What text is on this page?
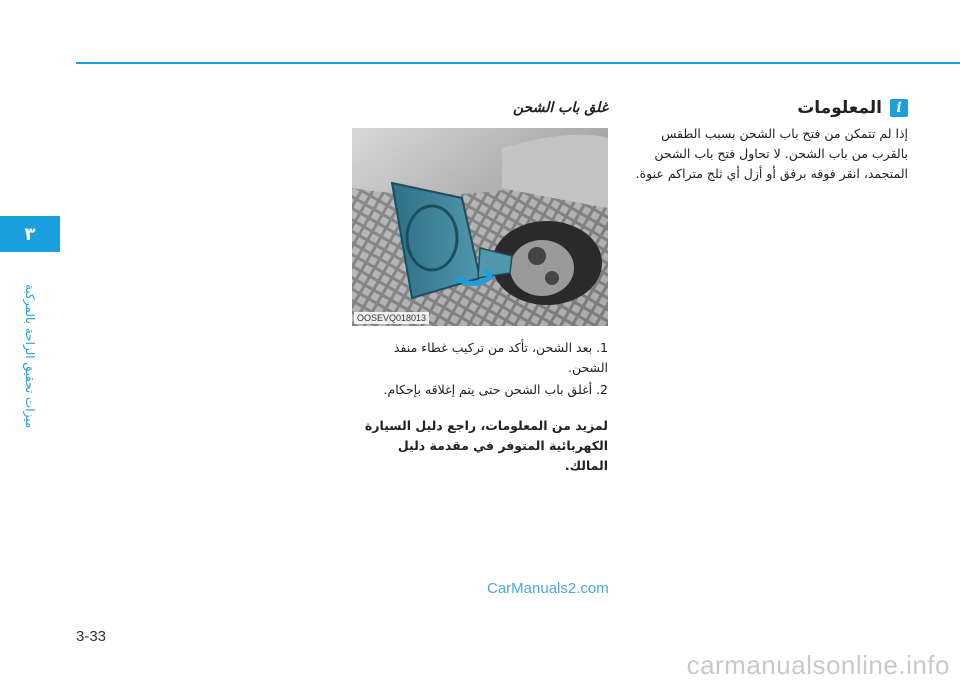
٣
ميزات تحقيق الراحة بالمركبة
i
المعلومات
إذا لم تتمكن من فتح باب الشحن بسبب الطقس بالقرب من باب الشحن. لا تحاول فتح باب الشحن المتجمد، انقر فوقه برفق أو أزل أي ثلج متراكم عنوة.
غلق باب الشحن
OOSEVQ018013
1. بعد الشحن، تأكد من تركيب غطاء منفذ الشحن.
2. أغلق باب الشحن حتى يتم إغلاقه بإحكام.
لمزيد من المعلومات، راجع دليل السيارة الكهربائية المتوفر في مقدمة دليل المالك.
3-33
CarManuals2.com
carmanualsonline.info
